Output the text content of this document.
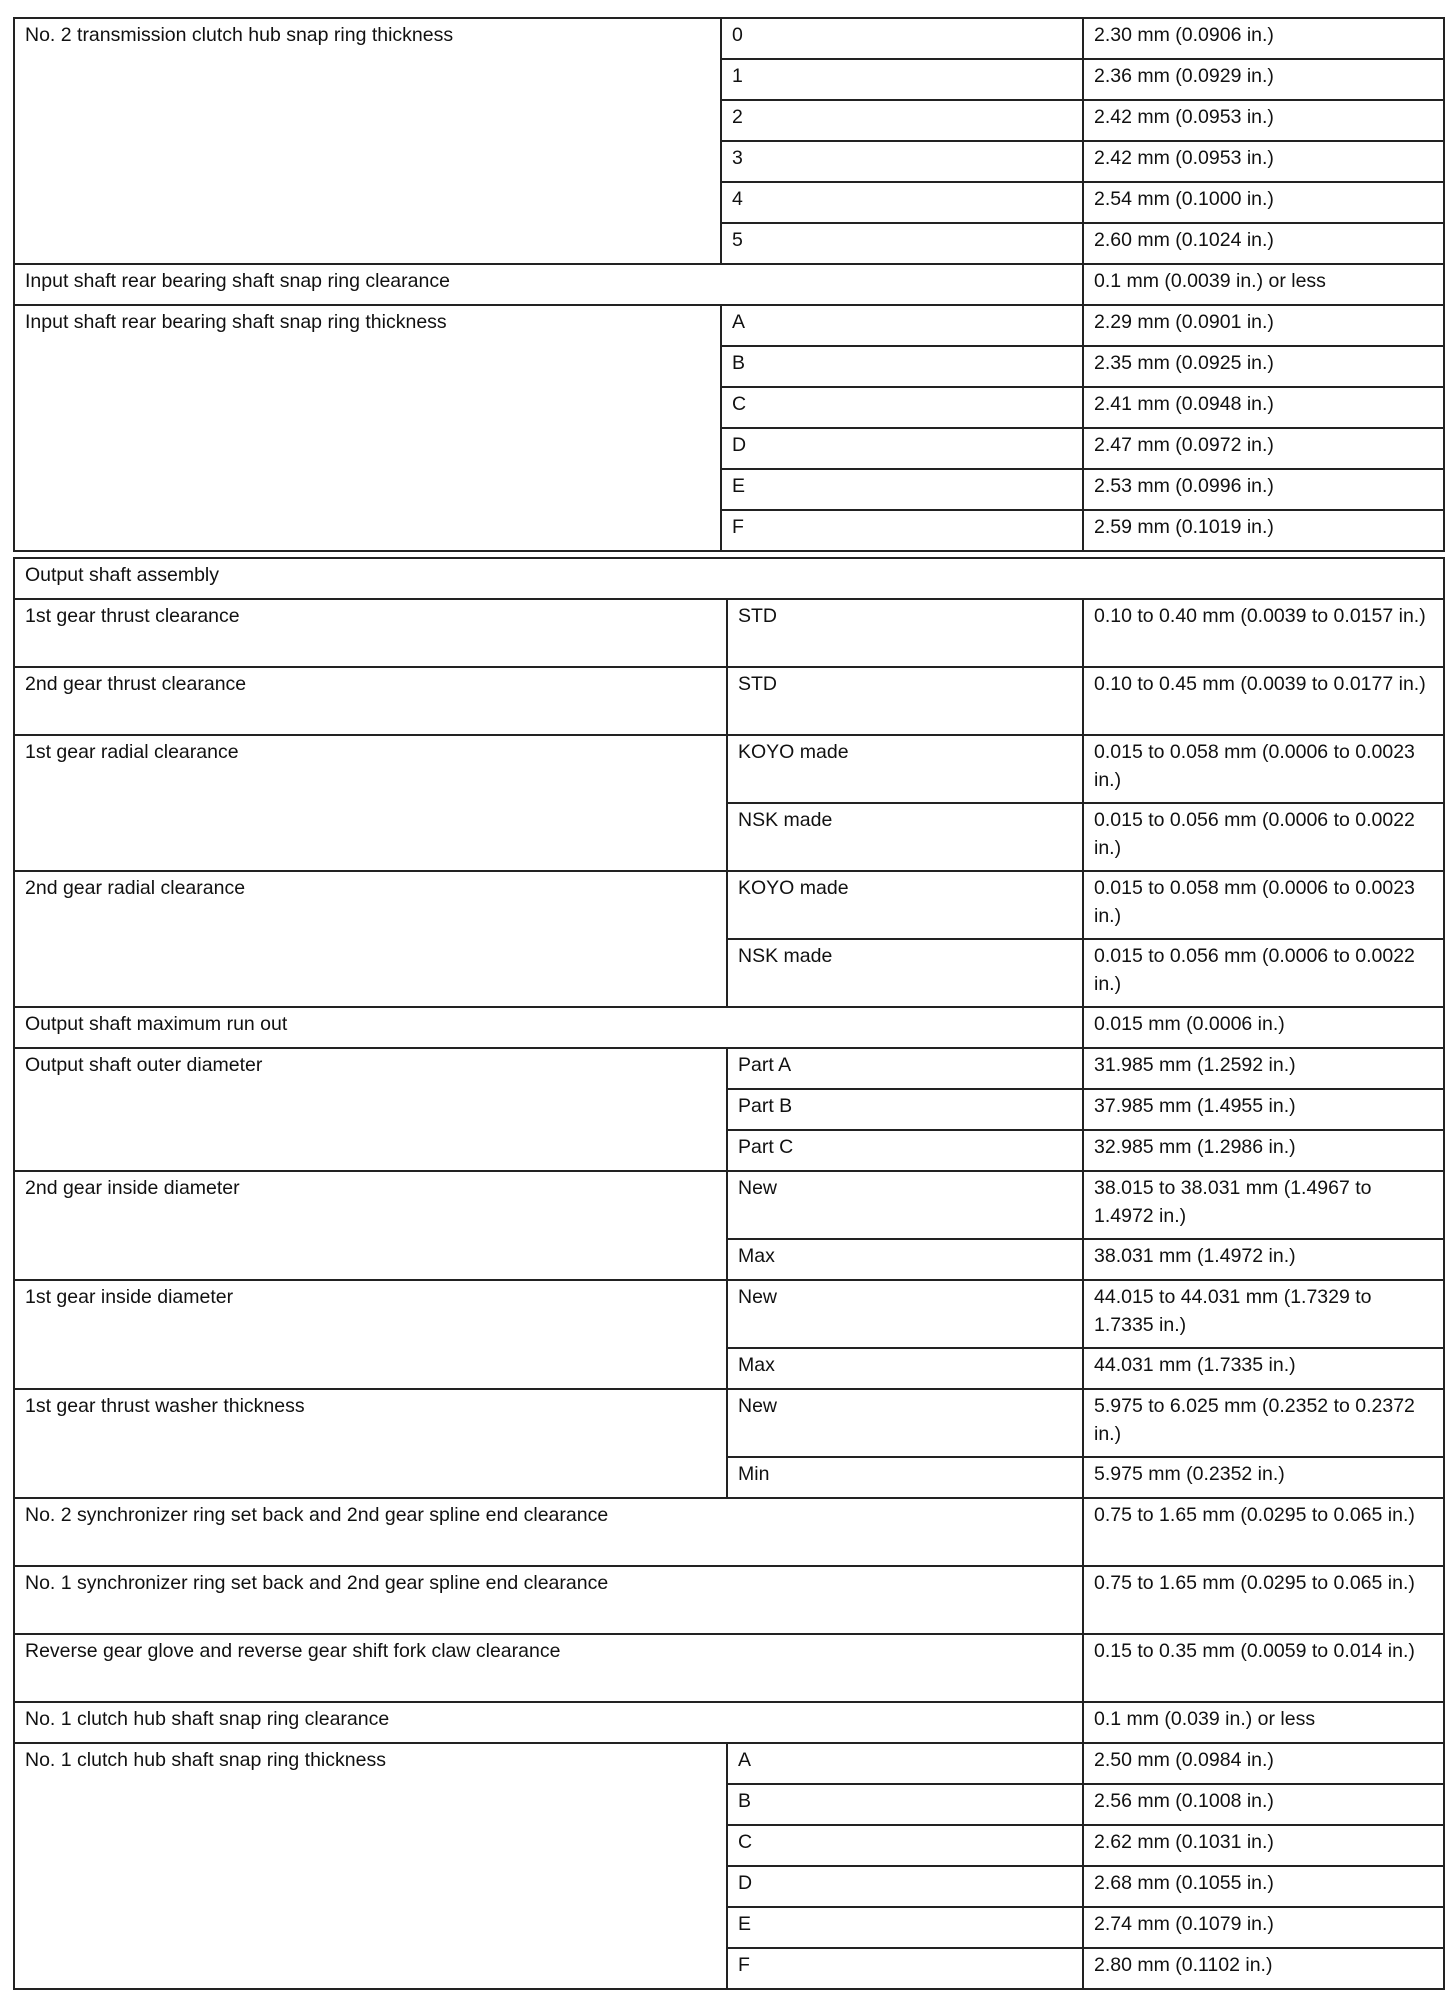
No. 2 transmission clutch hub snap ring thickness	0	2.30 mm (0.0906 in.)
	1	2.36 mm (0.0929 in.)
	2	2.42 mm (0.0953 in.)
	3	2.42 mm (0.0953 in.)
	4	2.54 mm (0.1000 in.)
	5	2.60 mm (0.1024 in.)
Input shaft rear bearing shaft snap ring clearance		0.1 mm (0.0039 in.) or less
Input shaft rear bearing shaft snap ring thickness	A	2.29 mm (0.0901 in.)
	B	2.35 mm (0.0925 in.)
	C	2.41 mm (0.0948 in.)
	D	2.47 mm (0.0972 in.)
	E	2.53 mm (0.0996 in.)
	F	2.59 mm (0.1019 in.)
Output shaft assembly		
1st gear thrust clearance	STD	0.10 to 0.40 mm (0.0039 to 0.0157 in.)
2nd gear thrust clearance	STD	0.10 to 0.45 mm (0.0039 to 0.0177 in.)
1st gear radial clearance	KOYO made	0.015 to 0.058 mm (0.0006 to 0.0023 in.)
	NSK made	0.015 to 0.056 mm (0.0006 to 0.0022 in.)
2nd gear radial clearance	KOYO made	0.015 to 0.058 mm (0.0006 to 0.0023 in.)
	NSK made	0.015 to 0.056 mm (0.0006 to 0.0022 in.)
Output shaft maximum run out		0.015 mm (0.0006 in.)
Output shaft outer diameter	Part A	31.985 mm (1.2592 in.)
	Part B	37.985 mm (1.4955 in.)
	Part C	32.985 mm (1.2986 in.)
2nd gear inside diameter	New	38.015 to 38.031 mm (1.4967 to 1.4972 in.)
	Max	38.031 mm (1.4972 in.)
1st gear inside diameter	New	44.015 to 44.031 mm (1.7329 to 1.7335 in.)
	Max	44.031 mm (1.7335 in.)
1st gear thrust washer thickness	New	5.975 to 6.025 mm (0.2352 to 0.2372 in.)
	Min	5.975 mm (0.2352 in.)
No. 2 synchronizer ring set back and 2nd gear spline end clearance		0.75 to 1.65 mm (0.0295 to 0.065 in.)
No. 1 synchronizer ring set back and 2nd gear spline end clearance		0.75 to 1.65 mm (0.0295 to 0.065 in.)
Reverse gear glove and reverse gear shift fork claw clearance		0.15 to 0.35 mm (0.0059 to 0.014 in.)
No. 1 clutch hub shaft snap ring clearance		0.1 mm (0.039 in.) or less
No. 1 clutch hub shaft snap ring thickness	A	2.50 mm (0.0984 in.)
	B	2.56 mm (0.1008 in.)
	C	2.62 mm (0.1031 in.)
	D	2.68 mm (0.1055 in.)
	E	2.74 mm (0.1079 in.)
	F	2.80 mm (0.1102 in.)
